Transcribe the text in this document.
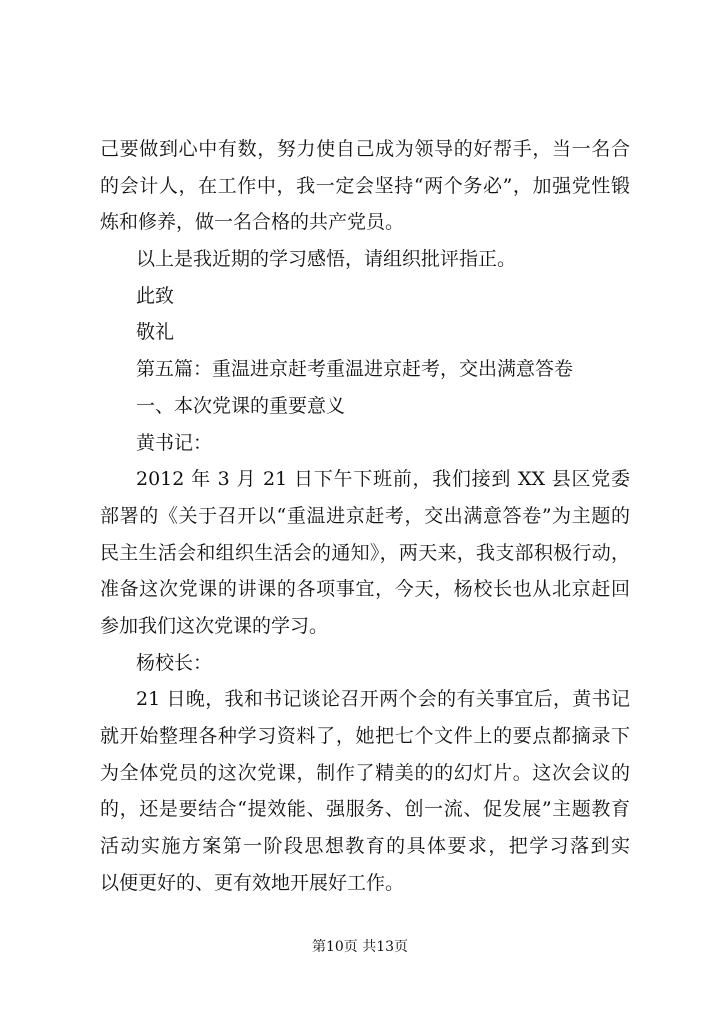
己要做到心中有数，努力使自己成为领导的好帮手，当一名合
的会计人，在工作中，我一定会坚持“两个务必”，加强党性锻
炼和修养，做一名合格的共产党员。
以上是我近期的学习感悟，请组织批评指正。
此致
敬礼
第五篇：重温进京赶考重温进京赶考，交出满意答卷
一、本次党课的重要意义
黄书记：
2012 年 3 月 21 日下午下班前，我们接到 XX 县区党委
部署的《关于召开以“重温进京赶考，交出满意答卷”为主题的
民主生活会和组织生活会的通知》，两天来，我支部积极行动，
准备这次党课的讲课的各项事宜，今天，杨校长也从北京赶回
参加我们这次党课的学习。
杨校长：
21 日晚，我和书记谈论召开两个会的有关事宜后，黄书记
就开始整理各种学习资料了，她把七个文件上的要点都摘录下
为全体党员的这次党课，制作了精美的的幻灯片。这次会议的
的，还是要结合“提效能、强服务、创一流、促发展”主题教育
活动实施方案第一阶段思想教育的具体要求，把学习落到实
以便更好的、更有效地开展好工作。
第10页 共13页
